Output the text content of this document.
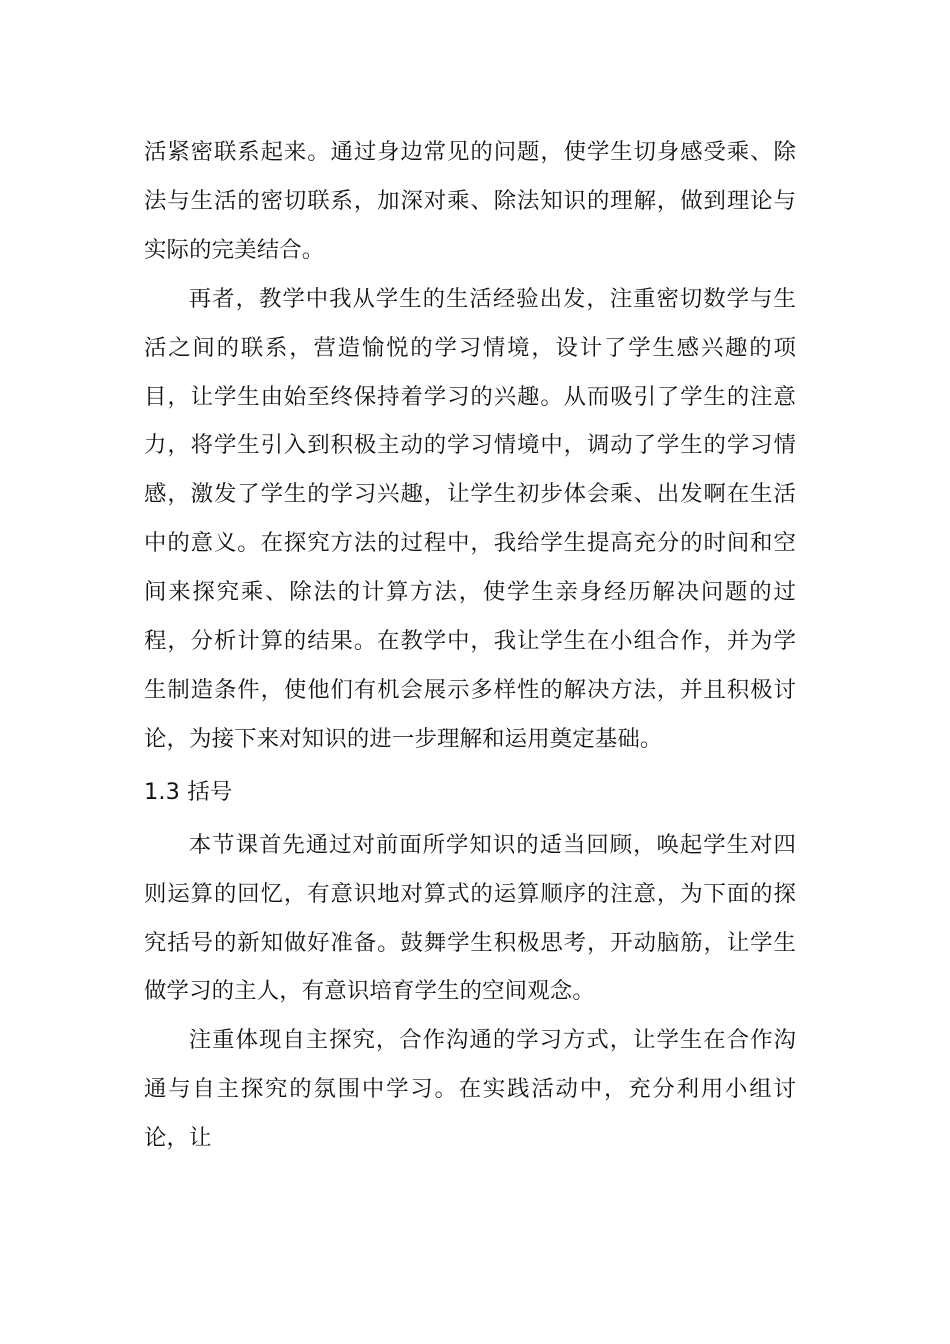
活紧密联系起来。通过身边常见的问题，使学生切身感受乘、除法与生活的密切联系，加深对乘、除法知识的理解，做到理论与实际的完美结合。

再者，教学中我从学生的生活经验出发，注重密切数学与生活之间的联系，营造愉悦的学习情境，设计了学生感兴趣的项目，让学生由始至终保持着学习的兴趣。从而吸引了学生的注意力，将学生引入到积极主动的学习情境中，调动了学生的学习情感，激发了学生的学习兴趣，让学生初步体会乘、出发啊在生活中的意义。在探究方法的过程中，我给学生提高充分的时间和空间来探究乘、除法的计算方法，使学生亲身经历解决问题的过程，分析计算的结果。在教学中，我让学生在小组合作，并为学生制造条件，使他们有机会展示多样性的解决方法，并且积极讨论，为接下来对知识的进一步理解和运用奠定基础。

1.3 括号

本节课首先通过对前面所学知识的适当回顾，唤起学生对四则运算的回忆，有意识地对算式的运算顺序的注意，为下面的探究括号的新知做好准备。鼓舞学生积极思考，开动脑筋，让学生做学习的主人，有意识培育学生的空间观念。

注重体现自主探究，合作沟通的学习方式，让学生在合作沟通与自主探究的氛围中学习。在实践活动中，充分利用小组讨论，让
